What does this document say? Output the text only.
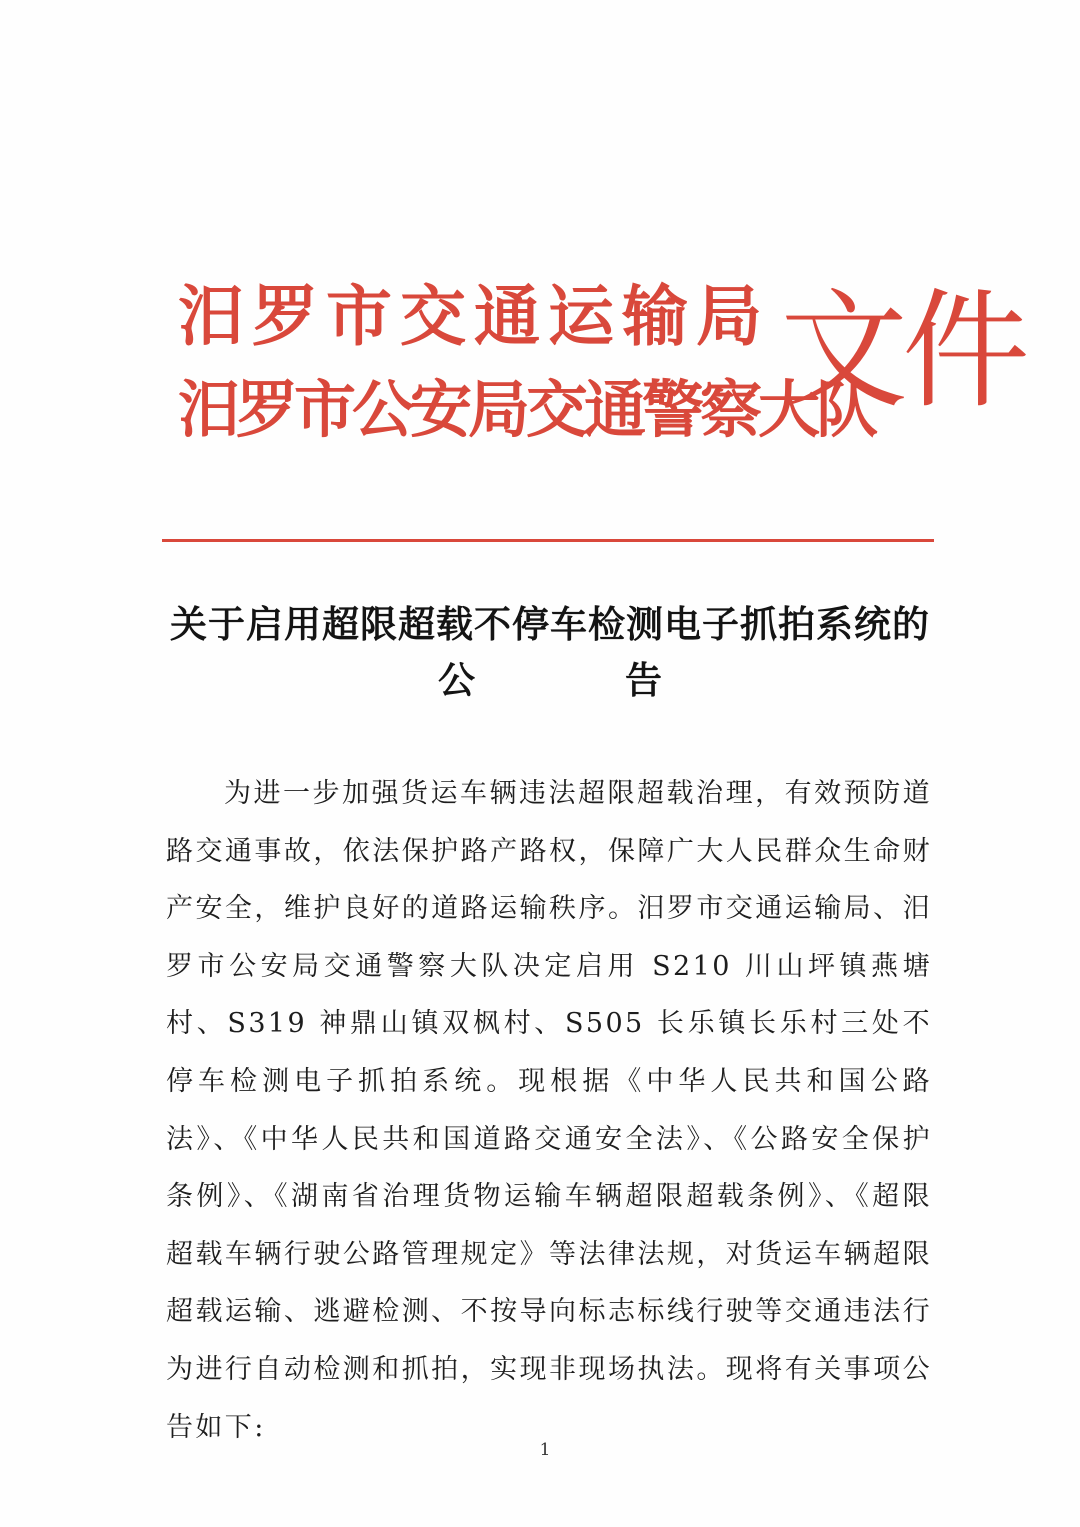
汨罗市交通运输局
汨罗市公安局交通警察大队
文件
关于启用超限超载不停车检测电子抓拍系统的
公告

为进一步加强货运车辆违法超限超载治理，有效预防道路交通事故，依法保护路产路权，保障广大人民群众生命财产安全，维护良好的道路运输秩序。汨罗市交通运输局、汨罗市公安局交通警察大队决定启用 S210 川山坪镇燕塘村、S319 神鼎山镇双枫村、S505 长乐镇长乐村三处不停车检测电子抓拍系统。现根据《中华人民共和国公路法》、《中华人民共和国道路交通安全法》、《公路安全保护条例》、《湖南省治理货物运输车辆超限超载条例》、《超限超载车辆行驶公路管理规定》等法律法规，对货运车辆超限超载运输、逃避检测、不按导向标志标线行驶等交通违法行为进行自动检测和抓拍，实现非现场执法。现将有关事项公告如下:

1
